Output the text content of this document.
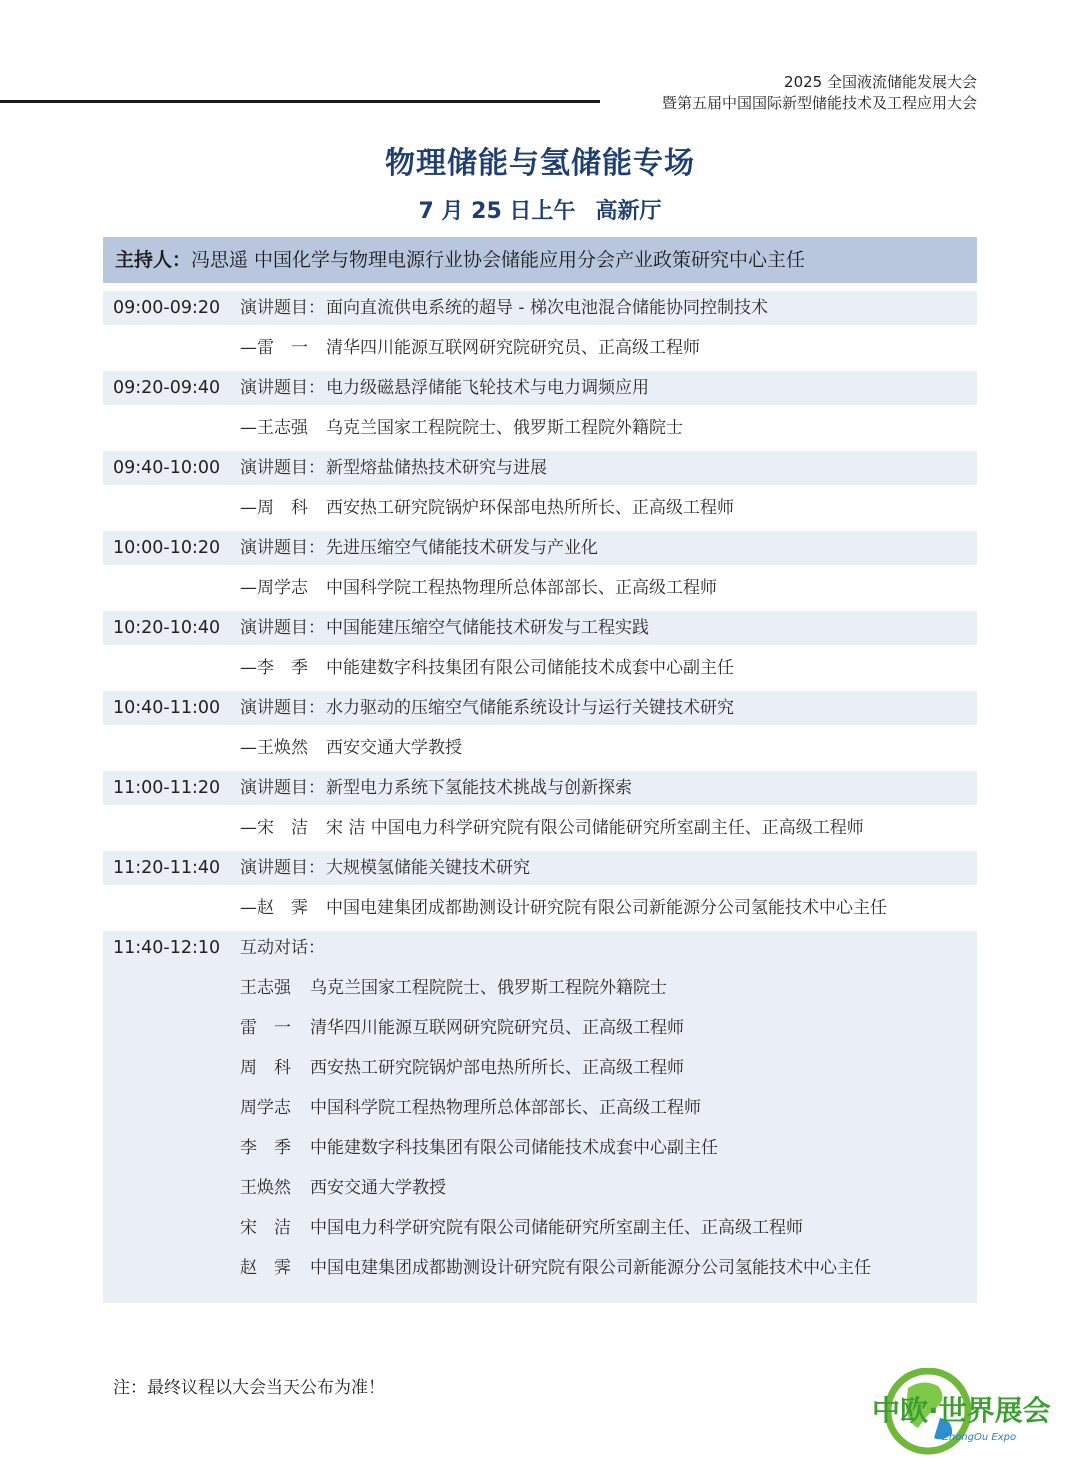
2025 全国液流储能发展大会
暨第五届中国国际新型储能技术及工程应用大会
物理储能与氢储能专场
7 月 25 日上午 高新厅
主持人：冯思遥 中国化学与物理电源行业协会储能应用分会产业政策研究中心主任
09:00-09:20 演讲题目： 面向直流供电系统的超导 - 梯次电池混合储能协同控制技术
—雷　一 清华四川能源互联网研究院研究员、正高级工程师
09:20-09:40 演讲题目： 电力级磁悬浮储能飞轮技术与电力调频应用
—王志强 乌克兰国家工程院院士、俄罗斯工程院外籍院士
09:40-10:00 演讲题目： 新型熔盐储热技术研究与进展
—周　科 西安热工研究院锅炉环保部电热所所长、正高级工程师
10:00-10:20 演讲题目： 先进压缩空气储能技术研发与产业化
—周学志 中国科学院工程热物理所总体部部长、正高级工程师
10:20-10:40 演讲题目： 中国能建压缩空气储能技术研发与工程实践
—李　季 中能建数字科技集团有限公司储能技术成套中心副主任
10:40-11:00 演讲题目： 水力驱动的压缩空气储能系统设计与运行关键技术研究
—王焕然 西安交通大学教授
11:00-11:20 演讲题目： 新型电力系统下氢能技术挑战与创新探索
—宋　洁 宋 洁 中国电力科学研究院有限公司储能研究所室副主任、正高级工程师
11:20-11:40 演讲题目： 大规模氢储能关键技术研究
—赵　霁 中国电建集团成都勘测设计研究院有限公司新能源分公司氢能技术中心主任
11:40-12:10 互动对话：
王志强 乌克兰国家工程院院士、俄罗斯工程院外籍院士
雷　一 清华四川能源互联网研究院研究员、正高级工程师
周　科 西安热工研究院锅炉部电热所所长、正高级工程师
周学志 中国科学院工程热物理所总体部部长、正高级工程师
李　季 中能建数字科技集团有限公司储能技术成套中心副主任
王焕然 西安交通大学教授
宋　洁 中国电力科学研究院有限公司储能研究所室副主任、正高级工程师
赵　霁 中国电建集团成都勘测设计研究院有限公司新能源分公司氢能技术中心主任
注：最终议程以大会当天公布为准！
中欧·世界展会
ZhongOu Expo
